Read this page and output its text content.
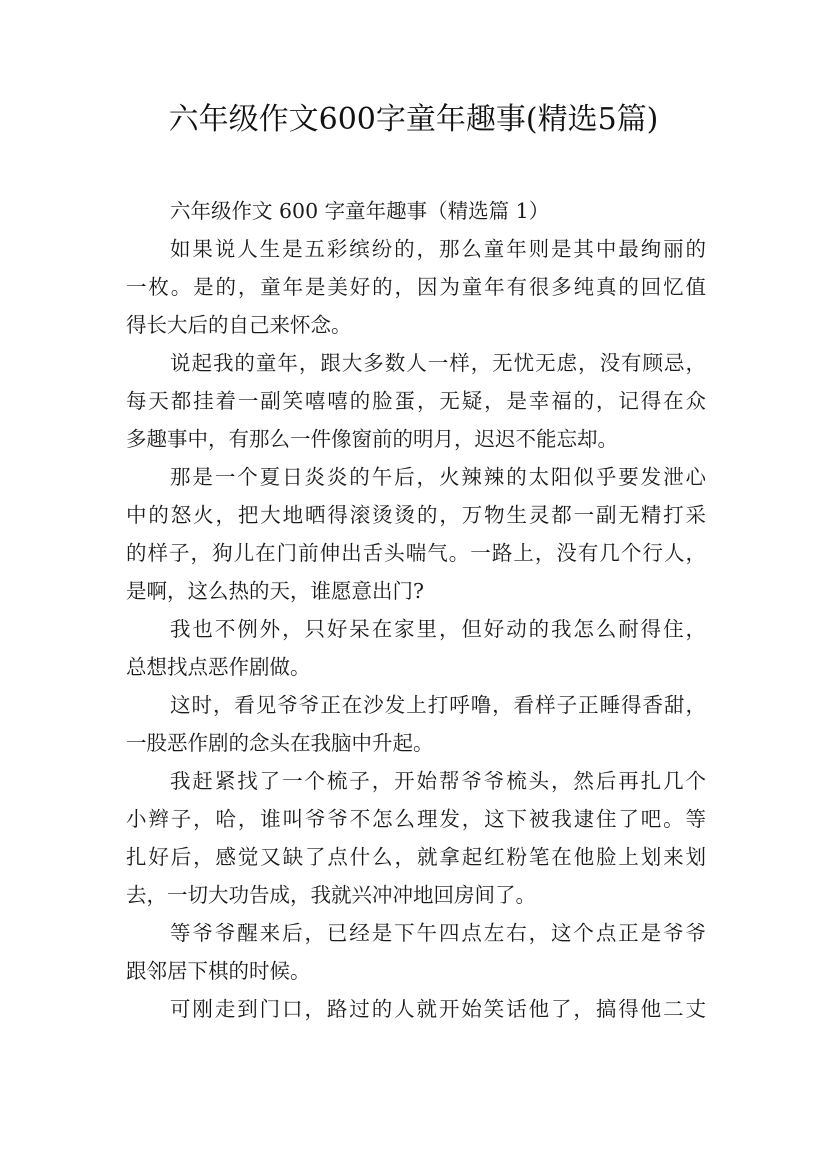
六年级作文600字童年趣事(精选5篇)
六年级作文 600 字童年趣事（精选篇 1）
如果说人生是五彩缤纷的，那么童年则是其中最绚丽的
一枚。是的，童年是美好的，因为童年有很多纯真的回忆值
得长大后的自己来怀念。
说起我的童年，跟大多数人一样，无忧无虑，没有顾忌，
每天都挂着一副笑嘻嘻的脸蛋，无疑，是幸福的，记得在众
多趣事中，有那么一件像窗前的明月，迟迟不能忘却。
那是一个夏日炎炎的午后，火辣辣的太阳似乎要发泄心
中的怒火，把大地晒得滚烫烫的，万物生灵都一副无精打采
的样子，狗儿在门前伸出舌头喘气。一路上，没有几个行人，
是啊，这么热的天，谁愿意出门?
我也不例外，只好呆在家里，但好动的我怎么耐得住，
总想找点恶作剧做。
这时，看见爷爷正在沙发上打呼噜，看样子正睡得香甜，
一股恶作剧的念头在我脑中升起。
我赶紧找了一个梳子，开始帮爷爷梳头，然后再扎几个
小辫子，哈，谁叫爷爷不怎么理发，这下被我逮住了吧。等
扎好后，感觉又缺了点什么，就拿起红粉笔在他脸上划来划
去，一切大功告成，我就兴冲冲地回房间了。
等爷爷醒来后，已经是下午四点左右，这个点正是爷爷
跟邻居下棋的时候。
可刚走到门口，路过的人就开始笑话他了，搞得他二丈
